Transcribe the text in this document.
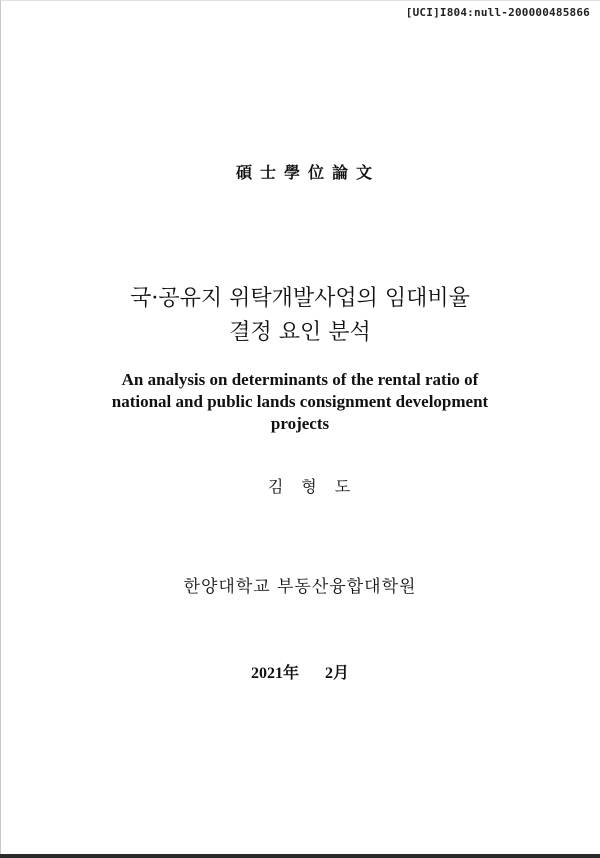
[UCI]I804:null-200000485866
碩士學位論文
국·공유지 위탁개발사업의 임대비율
결정 요인 분석
An analysis on determinants of the rental ratio of
national and public lands consignment development
projects
김형도
한양대학교 부동산융합대학원
2021年 2月
